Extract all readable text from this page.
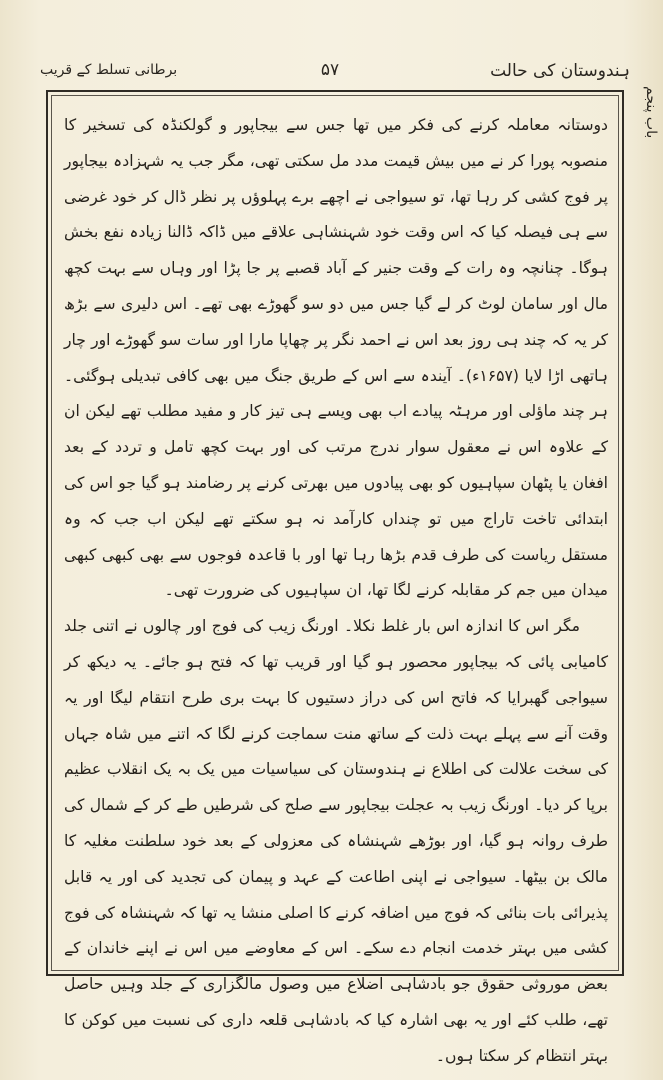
ہندوستان کی حالت
۵۷
برطانی تسلط کے قریب
باب پنجم

دوستانہ معاملہ کرنے کی فکر میں تھا جس سے بیجاپور و گولکنڈہ کی تسخیر کا منصوبہ پورا کر نے میں بیش قیمت مدد مل سکتی تھی، مگر جب یہ شہزادہ بیجاپور پر فوج کشی کر رہا تھا، تو سیواجی نے اچھے برے پہلوؤں پر نظر ڈال کر خود غرضی سے ہی فیصلہ کیا کہ اس وقت خود شہنشاہی علاقے میں ڈاکہ ڈالنا زیادہ نفع بخش ہوگا۔ چنانچہ وہ رات کے وقت جنیر کے آباد قصبے پر جا پڑا اور وہاں سے بہت کچھ مال اور سامان لوٹ کر لے گیا جس میں دو سو گھوڑے بھی تھے۔ اس دلیری سے بڑھ کر یہ کہ چند ہی روز بعد اس نے احمد نگر پر چھاپا مارا اور سات سو گھوڑے اور چار ہاتھی اڑا لایا (۱۶۵۷ء)۔ آیندہ سے اس کے طریق جنگ میں بھی کافی تبدیلی ہوگئی۔ ہر چند ماؤلی اور مرہٹہ پیادے اب بھی ویسے ہی تیز کار و مفید مطلب تھے لیکن ان کے علاوہ اس نے معقول سوار ندرج مرتب کی اور بہت کچھ تامل و تردد کے بعد افغان یا پٹھان سپاہیوں کو بھی پیادوں میں بھرتی کرنے پر رضامند ہو گیا جو اس کی ابتدائی تاخت تاراج میں تو چنداں کارآمد نہ ہو سکتے تھے لیکن اب جب کہ وہ مستقل ریاست کی طرف قدم بڑھا رہا تھا اور با قاعدہ فوجوں سے بھی کبھی کبھی میدان میں جم کر مقابلہ کرنے لگا تھا، ان سپاہیوں کی ضرورت تھی۔

مگر اس کا اندازہ اس بار غلط نکلا۔ اورنگ زیب کی فوج اور چالوں نے اتنی جلد کامیابی پائی کہ بیجاپور محصور ہو گیا اور قریب تھا کہ فتح ہو جائے۔ یہ دیکھ کر سیواجی گھبرایا کہ فاتح اس کی دراز دستیوں کا بہت بری طرح انتقام لیگا اور یہ وقت آنے سے پہلے بہت ذلت کے ساتھ منت سماجت کرنے لگا کہ اتنے میں شاہ جہاں کی سخت علالت کی اطلاع نے ہندوستان کی سیاسیات میں یک بہ یک انقلاب عظیم برپا کر دیا۔ اورنگ زیب بہ عجلت بیجاپور سے صلح کی شرطیں طے کر کے شمال کی طرف روانہ ہو گیا، اور بوڑھے شہنشاہ کی معزولی کے بعد خود سلطنت مغلیہ کا مالک بن بیٹھا۔ سیواجی نے اپنی اطاعت کے عہد و پیمان کی تجدید کی اور یہ قابل پذیرائی بات بنائی کہ فوج میں اضافہ کرنے کا اصلی منشا یہ تھا کہ شہنشاہ کی فوج کشی میں بہتر خدمت انجام دے سکے۔ اس کے معاوضے میں اس نے اپنے خاندان کے بعض موروثی حقوق جو بادشاہی اضلاع میں وصول مالگزاری کے جلد وہیں حاصل تھے، طلب کئے اور یہ بھی اشارہ کیا کہ بادشاہی قلعہ داری کی نسبت میں کوکن کا بہتر انتظام کر سکتا ہوں۔
